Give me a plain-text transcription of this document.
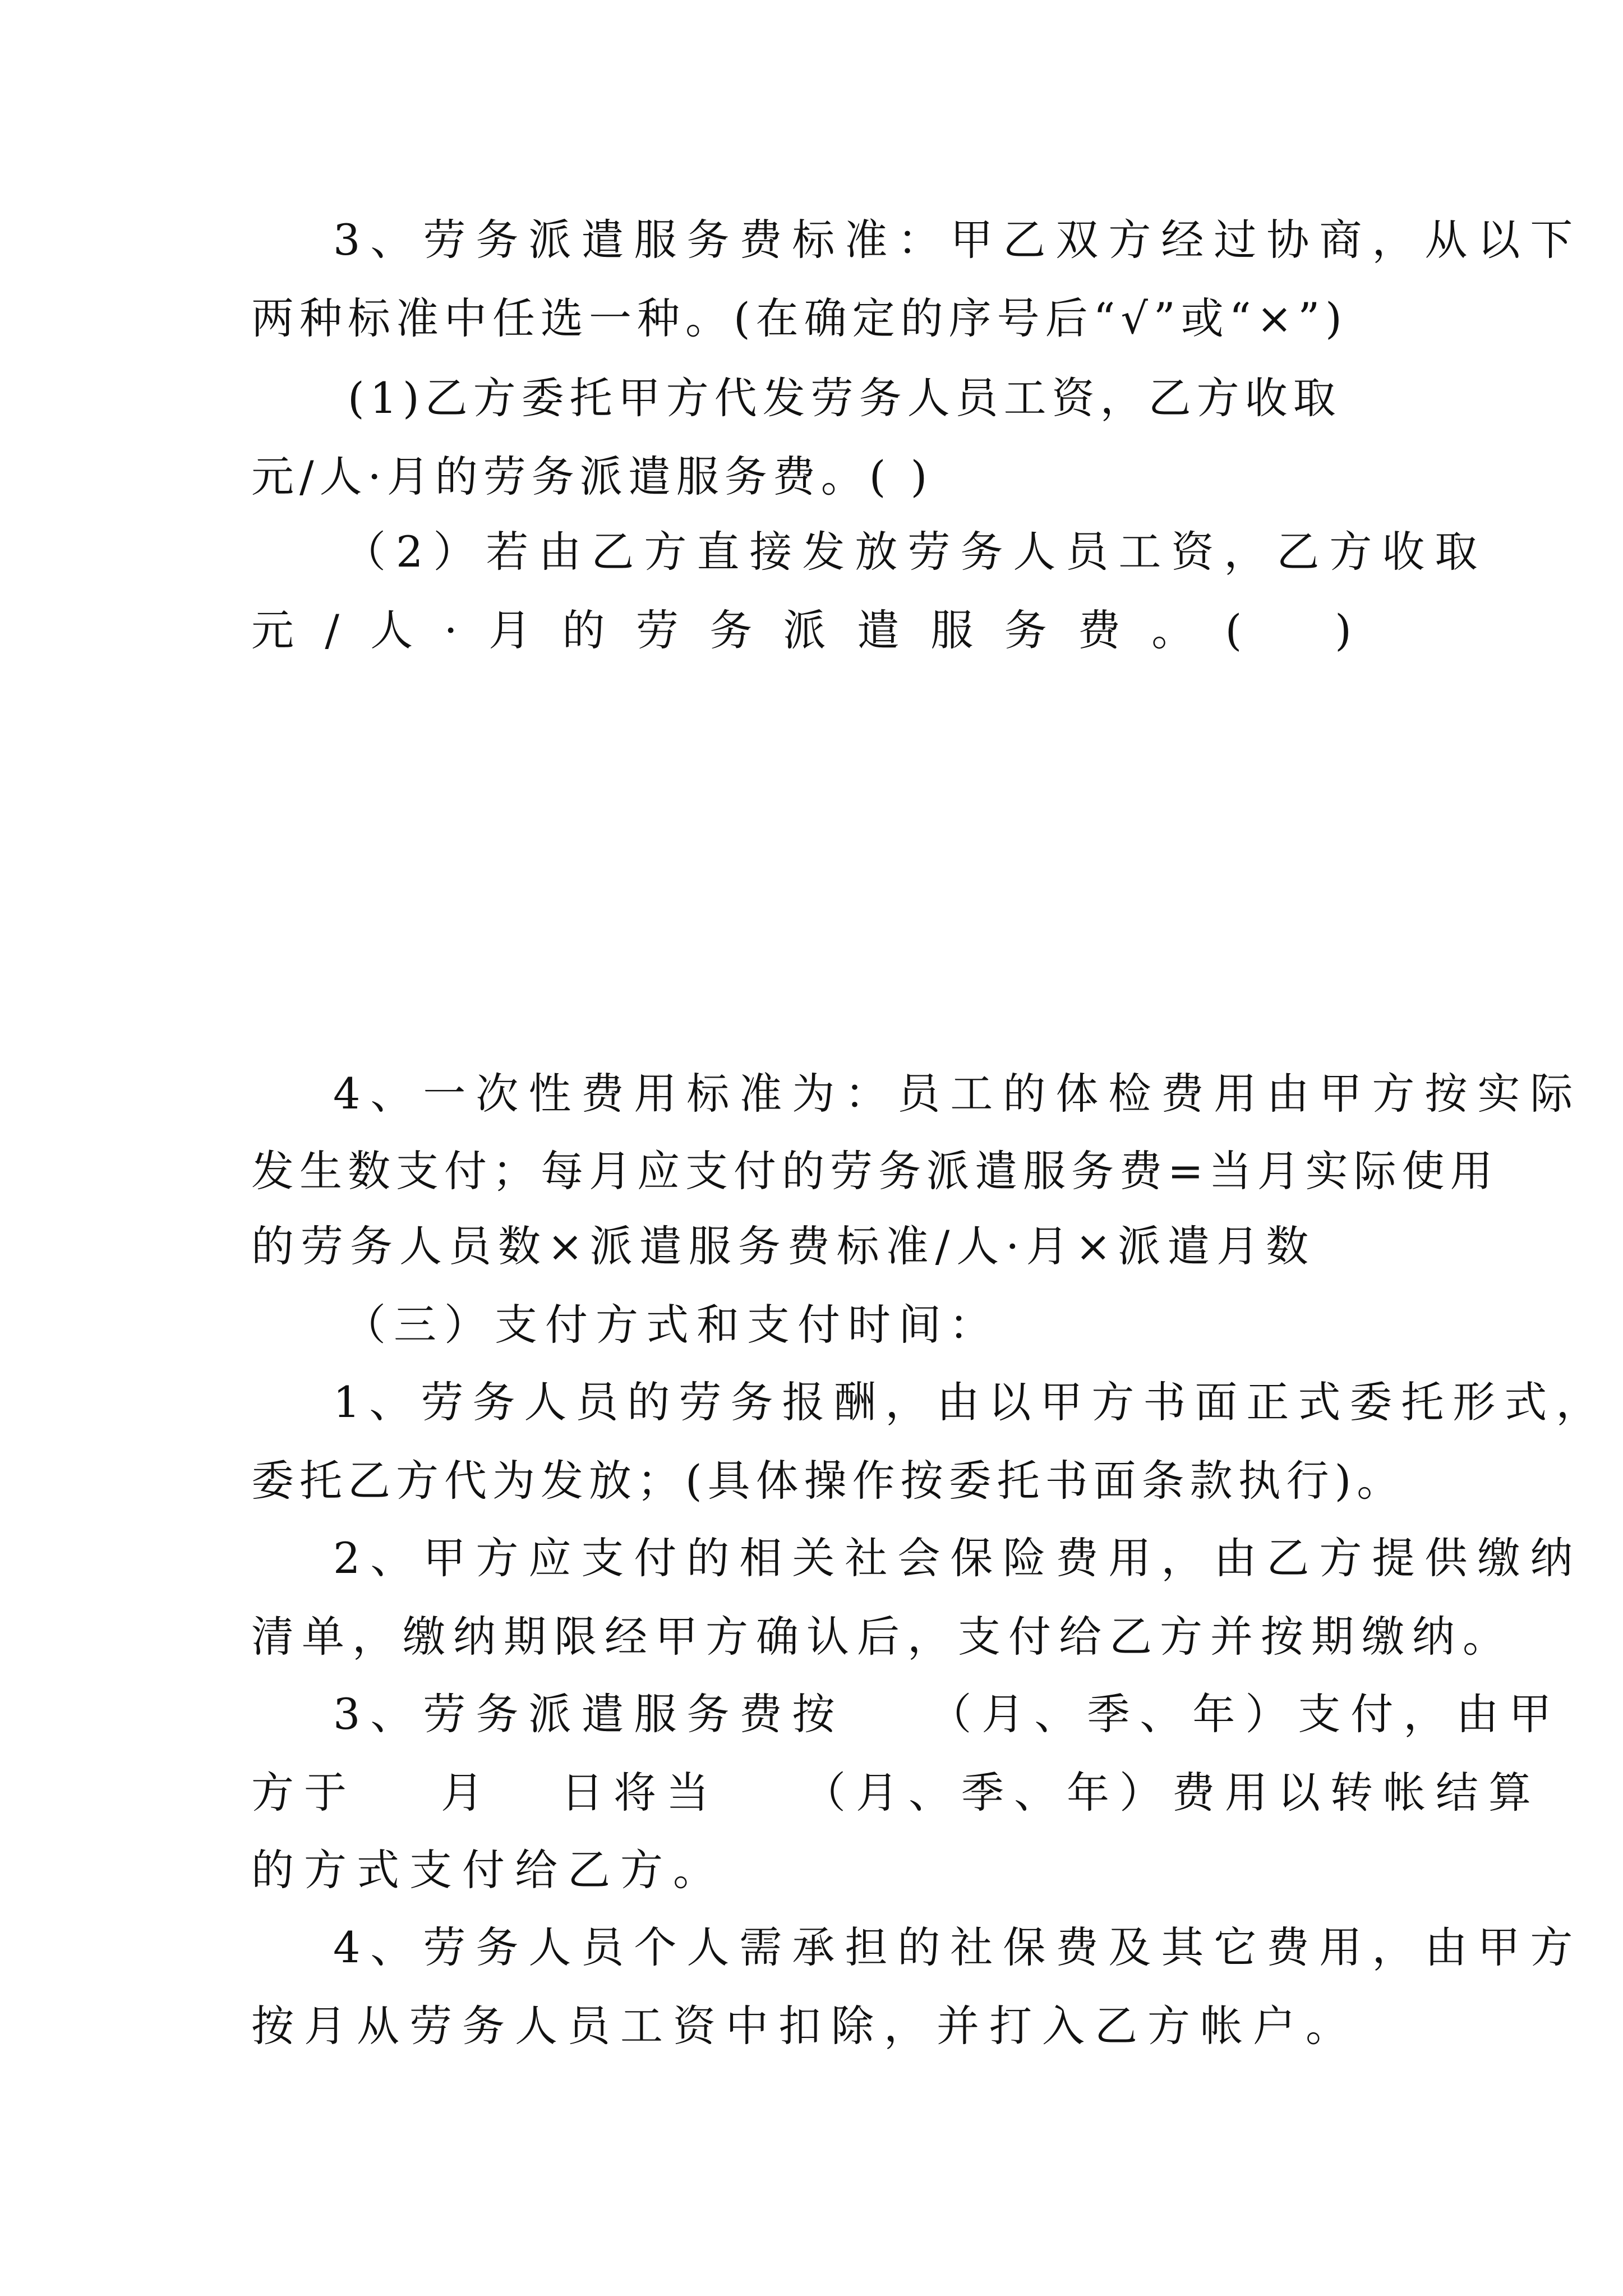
3、劳务派遣服务费标准：甲乙双方经过协商，从以下
两种标准中任选一种。(在确定的序号后“√”或“×”)
(1)乙方委托甲方代发劳务人员工资，乙方收取
元/人·月的劳务派遣服务费。( )
（2）若由乙方直接发放劳务人员工资，乙方收取
元 / 人 · 月 的 劳 务 派 遣 服 务 费 。 ( )
4、一次性费用标准为：员工的体检费用由甲方按实际
发生数支付；每月应支付的劳务派遣服务费=当月实际使用
的劳务人员数×派遣服务费标准/人·月×派遣月数
（三）支付方式和支付时间：
1、劳务人员的劳务报酬，由以甲方书面正式委托形式，
委托乙方代为发放；(具体操作按委托书面条款执行)。
2、甲方应支付的相关社会保险费用，由乙方提供缴纳
清单，缴纳期限经甲方确认后，支付给乙方并按期缴纳。
3、劳务派遣服务费按 （月、季、年）支付，由甲
方于 月 日将当 （月、季、年）费用以转帐结算
的方式支付给乙方。
4、劳务人员个人需承担的社保费及其它费用，由甲方
按月从劳务人员工资中扣除，并打入乙方帐户。
